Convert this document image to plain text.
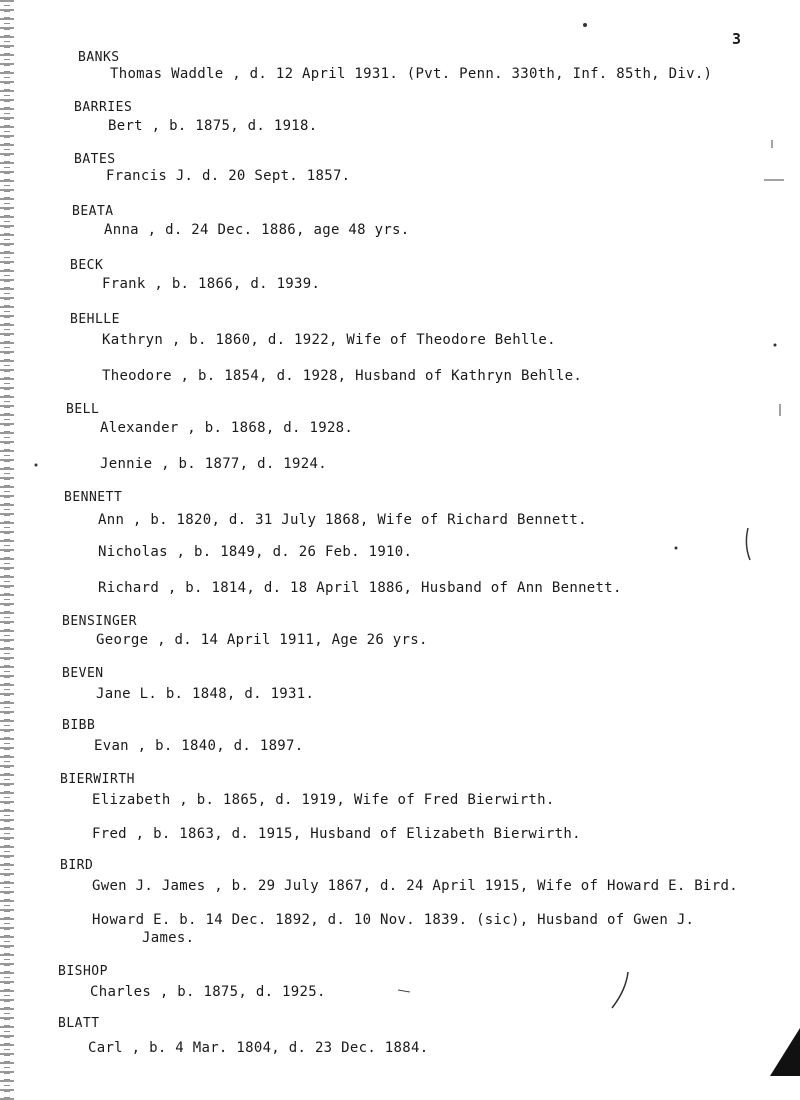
3
BANKS
Thomas Waddle , d. 12 April 1931. (Pvt. Penn. 330th, Inf. 85th, Div.)
BARRIES
Bert , b. 1875, d. 1918.
BATES
Francis J. d. 20 Sept. 1857.
BEATA
Anna , d. 24 Dec. 1886, age 48 yrs.
BECK
Frank , b. 1866, d. 1939.
BEHLLE
Kathryn , b. 1860, d. 1922, Wife of Theodore Behlle.
Theodore , b. 1854, d. 1928, Husband of Kathryn Behlle.
BELL
Alexander , b. 1868, d. 1928.
Jennie , b. 1877, d. 1924.
BENNETT
Ann , b. 1820, d. 31 July 1868, Wife of Richard Bennett.
Nicholas , b. 1849, d. 26 Feb. 1910.
Richard , b. 1814, d. 18 April 1886, Husband of Ann Bennett.
BENSINGER
George , d. 14 April 1911, Age 26 yrs.
BEVEN
Jane L. b. 1848, d. 1931.
BIBB
Evan , b. 1840, d. 1897.
BIERWIRTH
Elizabeth , b. 1865, d. 1919, Wife of Fred Bierwirth.
Fred , b. 1863, d. 1915, Husband of Elizabeth Bierwirth.
BIRD
Gwen J. James , b. 29 July 1867, d. 24 April 1915, Wife of Howard E. Bird.
Howard E. b. 14 Dec. 1892, d. 10 Nov. 1839. (sic), Husband of Gwen J.
James.
BISHOP
Charles , b. 1875, d. 1925.
BLATT
Carl , b. 4 Mar. 1804, d. 23 Dec. 1884.
